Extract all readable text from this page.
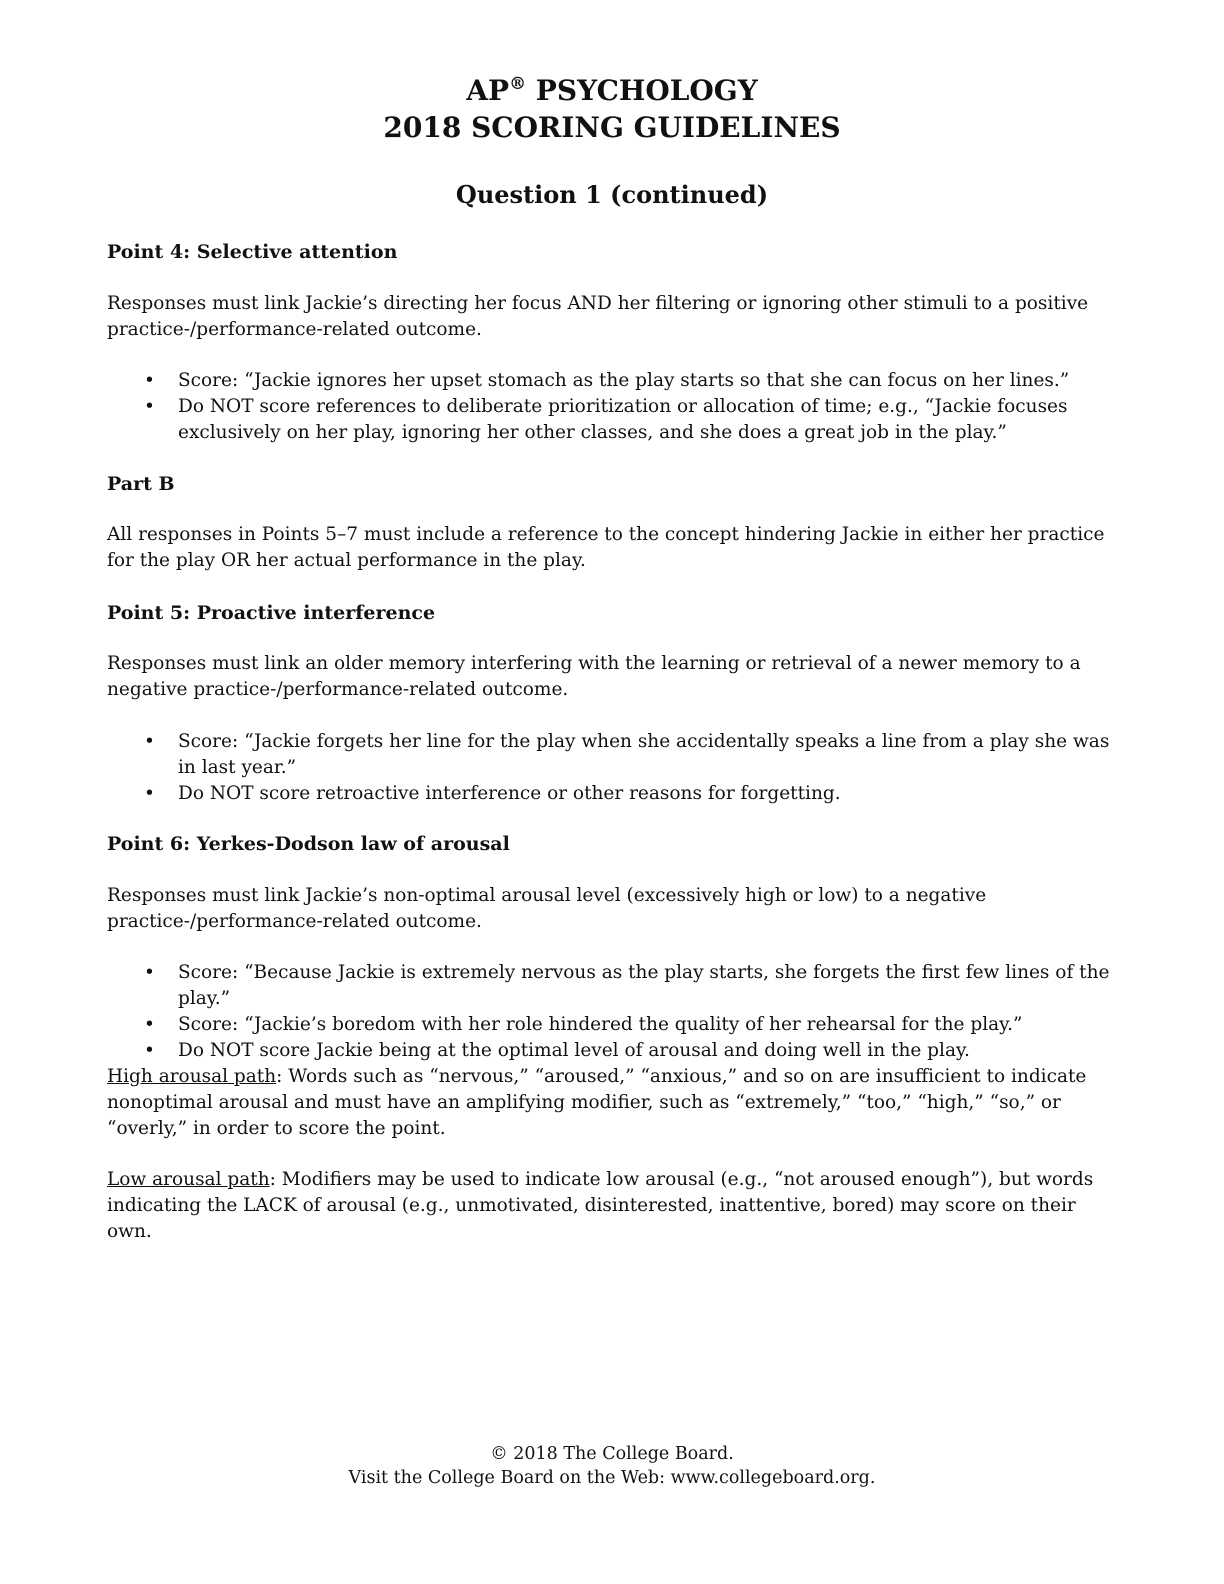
AP® PSYCHOLOGY
2018 SCORING GUIDELINES
Question 1 (continued)

Point 4: Selective attention

Responses must link Jackie’s directing her focus AND her filtering or ignoring other stimuli to a positive practice-/performance-related outcome.

• Score: “Jackie ignores her upset stomach as the play starts so that she can focus on her lines.”
• Do NOT score references to deliberate prioritization or allocation of time; e.g., “Jackie focuses exclusively on her play, ignoring her other classes, and she does a great job in the play.”

Part B

All responses in Points 5–7 must include a reference to the concept hindering Jackie in either her practice for the play OR her actual performance in the play.

Point 5: Proactive interference

Responses must link an older memory interfering with the learning or retrieval of a newer memory to a negative practice-/performance-related outcome.

• Score: “Jackie forgets her line for the play when she accidentally speaks a line from a play she was in last year.”
• Do NOT score retroactive interference or other reasons for forgetting.

Point 6: Yerkes-Dodson law of arousal

Responses must link Jackie’s non-optimal arousal level (excessively high or low) to a negative practice-/performance-related outcome.

• Score: “Because Jackie is extremely nervous as the play starts, she forgets the first few lines of the play.”
• Score: “Jackie’s boredom with her role hindered the quality of her rehearsal for the play.”
• Do NOT score Jackie being at the optimal level of arousal and doing well in the play.

High arousal path: Words such as “nervous,” “aroused,” “anxious,” and so on are insufficient to indicate nonoptimal arousal and must have an amplifying modifier, such as “extremely,” “too,” “high,” “so,” or “overly,” in order to score the point.

Low arousal path: Modifiers may be used to indicate low arousal (e.g., “not aroused enough”), but words indicating the LACK of arousal (e.g., unmotivated, disinterested, inattentive, bored) may score on their own.

© 2018 The College Board.
Visit the College Board on the Web: www.collegeboard.org.
